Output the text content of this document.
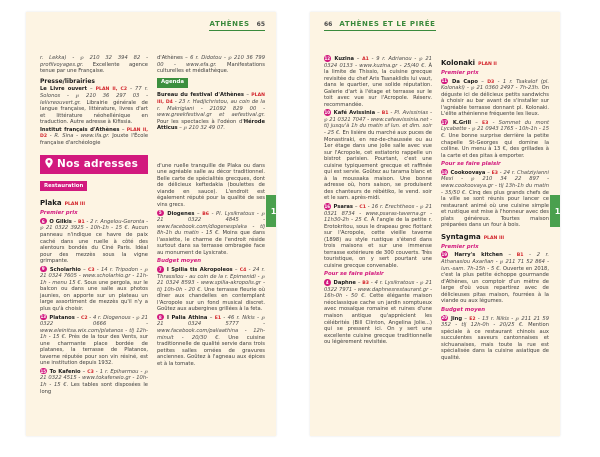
ATHÈNES 65

r. Lekka) - ℘ 210 32 394 82 - profilvoyages.gr. Excellente agence tenue par une Française.

Presse/librairies

Le Livre ouvert – PLAN II, C2 - 77 r. Solonos - ℘ 210 36 297 03 - lelivreouvert.gr. Librairie générale de langue française, littérature, livres d'art et littérature néohellénique en traduction. Autre adresse à Kifissia.

Institut français d'Athènes – PLAN II, D2 - R. Sina - www.ifa.gr. Jouxte l'École française d'archéologie

Nos adresses
Restauration
Plaka PLAN III
Premier prix

6 O Gilkis – B1 - 2 r. Angelou-Geronta - ℘ 21 0322 3925 - 10h-1h - 15 €. Aucun panneau n'indique ce havre de paix caché dans une ruelle à côté des alentours bondés du Ciné Paris. Idéal pour des mezzès sous la vigne grimpante.

9 Scholarhio – C3 - 14 r. Tripodon - ℘ 21 0324 7605 - www.scholarhio.gr - 11h-1h - menu 15 €. Sous une pergola, sur le balcon ou dans une salle aux photos jaunies, on apporte sur un plateau un large assortiment de mezzès qu'il n'y a plus qu'à choisir.

13 Platanos – C2 - 4 r. Diogenous - ℘ 21 0322 0666 - www.eleinitsa.wix.com/platanos - tlj 12h-1h - 15 €. Près de la tour des Vents, sur une charmante place bordée de platanes, la terrasse de Platanos, taverne réputée pour son vin résiné, est une institution depuis 1932.

15 To Kafenio – C3 - 1 r. Epiharmou - ℘ 21 0322 4515 - www.tokafeneio.gr - 10h-1h - 15 €. Les tables sont disposées le long

d'Athènes – 6 r. Didotou - ℘ 210 36 799 00 - www.efa.gr. Manifestations culturelles et médiathèque.

Agenda

Bureau du festival d'Athènes – PLAN III, D4 - 23 r. Hadjichristou, au coin de la r. Makrigiani - 21092 829 00 - www.greekfestival.gr et aefestival.gr. Pour les spectacles à l'odéon d'Hérode Atticus – ℘ 210 32 49 07.

d'une ruelle tranquille de Plaka ou dans une agréable salle au décor traditionnel. Belle carte de spécialités grecques, dont de délicieux keftedakia (boulettes de viande en sauce). L'endroit est également réputé pour la qualité de ses vins grecs.

5 Diogenes – B6 - Pl. Lysikratous - ℘ 21 0322 4845 - www.facebook.com/diogenesplaka - tlj 8h-1h du matin - 15 €. Moins que dans l'assiette, le charme de l'endroit réside surtout dans sa terrasse ombragée face au monument de Lysicrate.

Budget moyen

7 I Spilia tis Akropoleos – C4 - 24 r. Thrassilou - au coin de la r. Epimenidi - ℘ 21 0324 8593 - www.spilia-akropolis.gr - tlj 10h-0h - 20 €. Une terrasse fleurie où dîner aux chandelles en contemplant l'Acropole sur un fond musical discret. Goûtez aux aubergines grillées à la feta.

8 I Palia Athina – E1 - 46 r. Nikis - ℘ 21 0324 5777 - www.facebook.com/paliaathina - 12h-minuit - 20/30 €. Une cuisine traditionnelle de qualité servie dans trois petites salles ornées de gravures anciennes. Goûtez à l'agneau aux épices et à la tomate.

1
66 ATHÈNES ET LE PIRÉE

12 Kuzina – A1 - 9 r. Adrianou - ℘ 21 0324 0133 - www.kuzina.gr - 25/40 €. À la limite de Thissio, la cuisine grecque revisitée du chef Aris Tsanaklidis lui vaut, dans le quartier, une solide réputation. Galerie d'art à l'étage et terrasse sur le toit avec vue sur l'Acropole. Réserv. recommandée.

10 Kafé Avissinia – B1 - Pl. Avissinias - ℘ 21 0321 7047 - www.cafeavissinia.net - tlj jusqu'à 1h du matin sf lun. et dim. soir - 25 €. En lisière du marché aux puces de Monastiraki, en rez-de-chaussée ou au 1er étage dans une jolie salle avec vue sur l'Acropole, cet estiatorio rappelle un bistrot parisien. Pourtant, c'est une cuisine typiquement grecque et raffinée qui est servie. Goûtez au tarama blanc et à la moussaka maison. Une bonne adresse où, hors saison, se produisent des chanteurs de rébétiko, le vend. soir et le sam. après-midi.

16 Psaras – C1 - 16 r. Erechtheos - ℘ 21 0321 8734 - www.psaras-taverna.gr - 11h30-2h - 25 €. À l'angle de la petite r. Erotokritou, sous le drapeau grec flottant sur l'Acropole, cette vieille taverne (1898) au style rustique s'étend dans trois maisons et sur une immense terrasse extérieure de 300 couverts. Très touristique, on y sert pourtant une cuisine grecque convenable.

Pour se faire plaisir

4 Daphne – B3 - 4 r. Lysikratous - ℘ 21 0322 7971 - www.daphnesrestaurant.gr - 16h-0h - 50 €. Cette élégante maison néoclassique cache un jardin somptueux avec mosaïque romaine et ruines d'une maison antique qu'apprécient les célébrités (Bill Clinton, Angelina Jolie...) qui se pressent ici. On y sert une excellente cuisine grecque traditionnelle ou légèrement revisitée.

Kolonaki PLAN II
Premier prix

11 Da Capo – D3 - 1 r. Tsakalof (pl. Kolonaki) - ℘ 21 0360 2497 - 7h-23h. On déguste ici de délicieux petits sandwichs à choisir au bar avant de s'installer sur l'agréable terrasse donnant pl. Kolonaki. L'élite athénienne fréquente les lieux.

17 K.Grill – E3 - Sommet du mont Lycabette - ℘ 21 0943 1765 - 10h-1h - 15 €. Une bonne surprise derrière la petite chapelle St-Georges qui domine la colline. Un menu à 13 €, des grillades à la carte et des pitas à emporter.

Pour se faire plaisir

18 Cookoovaya – E3 - 24 r. Chatziyianni Mexi - ℘ 210 34 22 897 - www.cookoovaya.gr - tlj 13h-1h du matin - 35/50 €. Cinq des plus grands chefs de la ville se sont réunis pour lancer ce restaurant animé où une cuisine simple et rustique est mise à l'honneur avec des plats généreux. Tourtes maison préparées dans un four à bois.

Syntagma PLAN III
Premier prix

19 Harry's kitchen – B1 - 2 r. Athanasiou Axarlian - ℘ 211 71 52 864 - lun.-sam. 7h-15h - 5 €. Ouverte en 2018, c'est la plus petite échoppe gourmande d'Athènes, un comptoir d'un mètre de large d'où vous repartirez avec de délicieuses pitas maison, fourrées à la viande ou aux légumes.

Budget moyen

20 Jing – E2 - 13 r. Nikis - ℘ 211 21 59 352 - tlj 12h-0h - 20/25 €. Mention spéciale à ce restaurant chinois aux succulentes saveurs cantonnaises et sichuanaises, mais toute la rue est spécialisée dans la cuisine asiatique de qualité.

1
